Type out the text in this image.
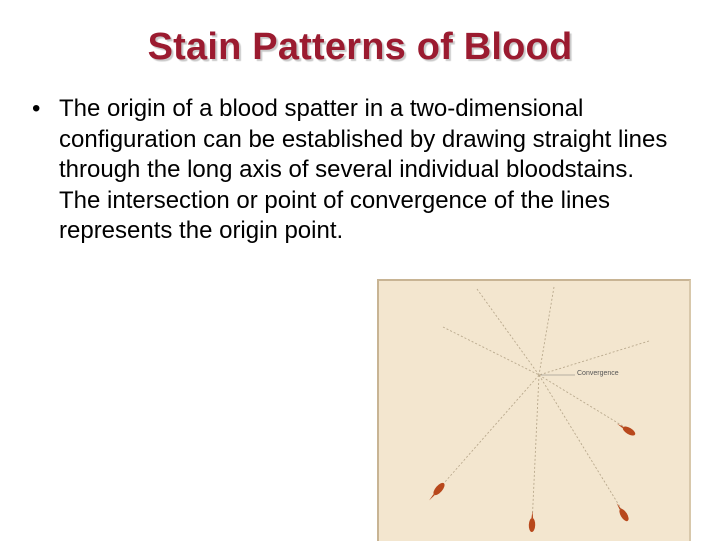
Stain Patterns of Blood
• The origin of a blood spatter in a two-dimensional configuration can be established by drawing straight lines through the long axis of several individual bloodstains. The intersection or point of convergence of the lines represents the origin point.
Convergence
